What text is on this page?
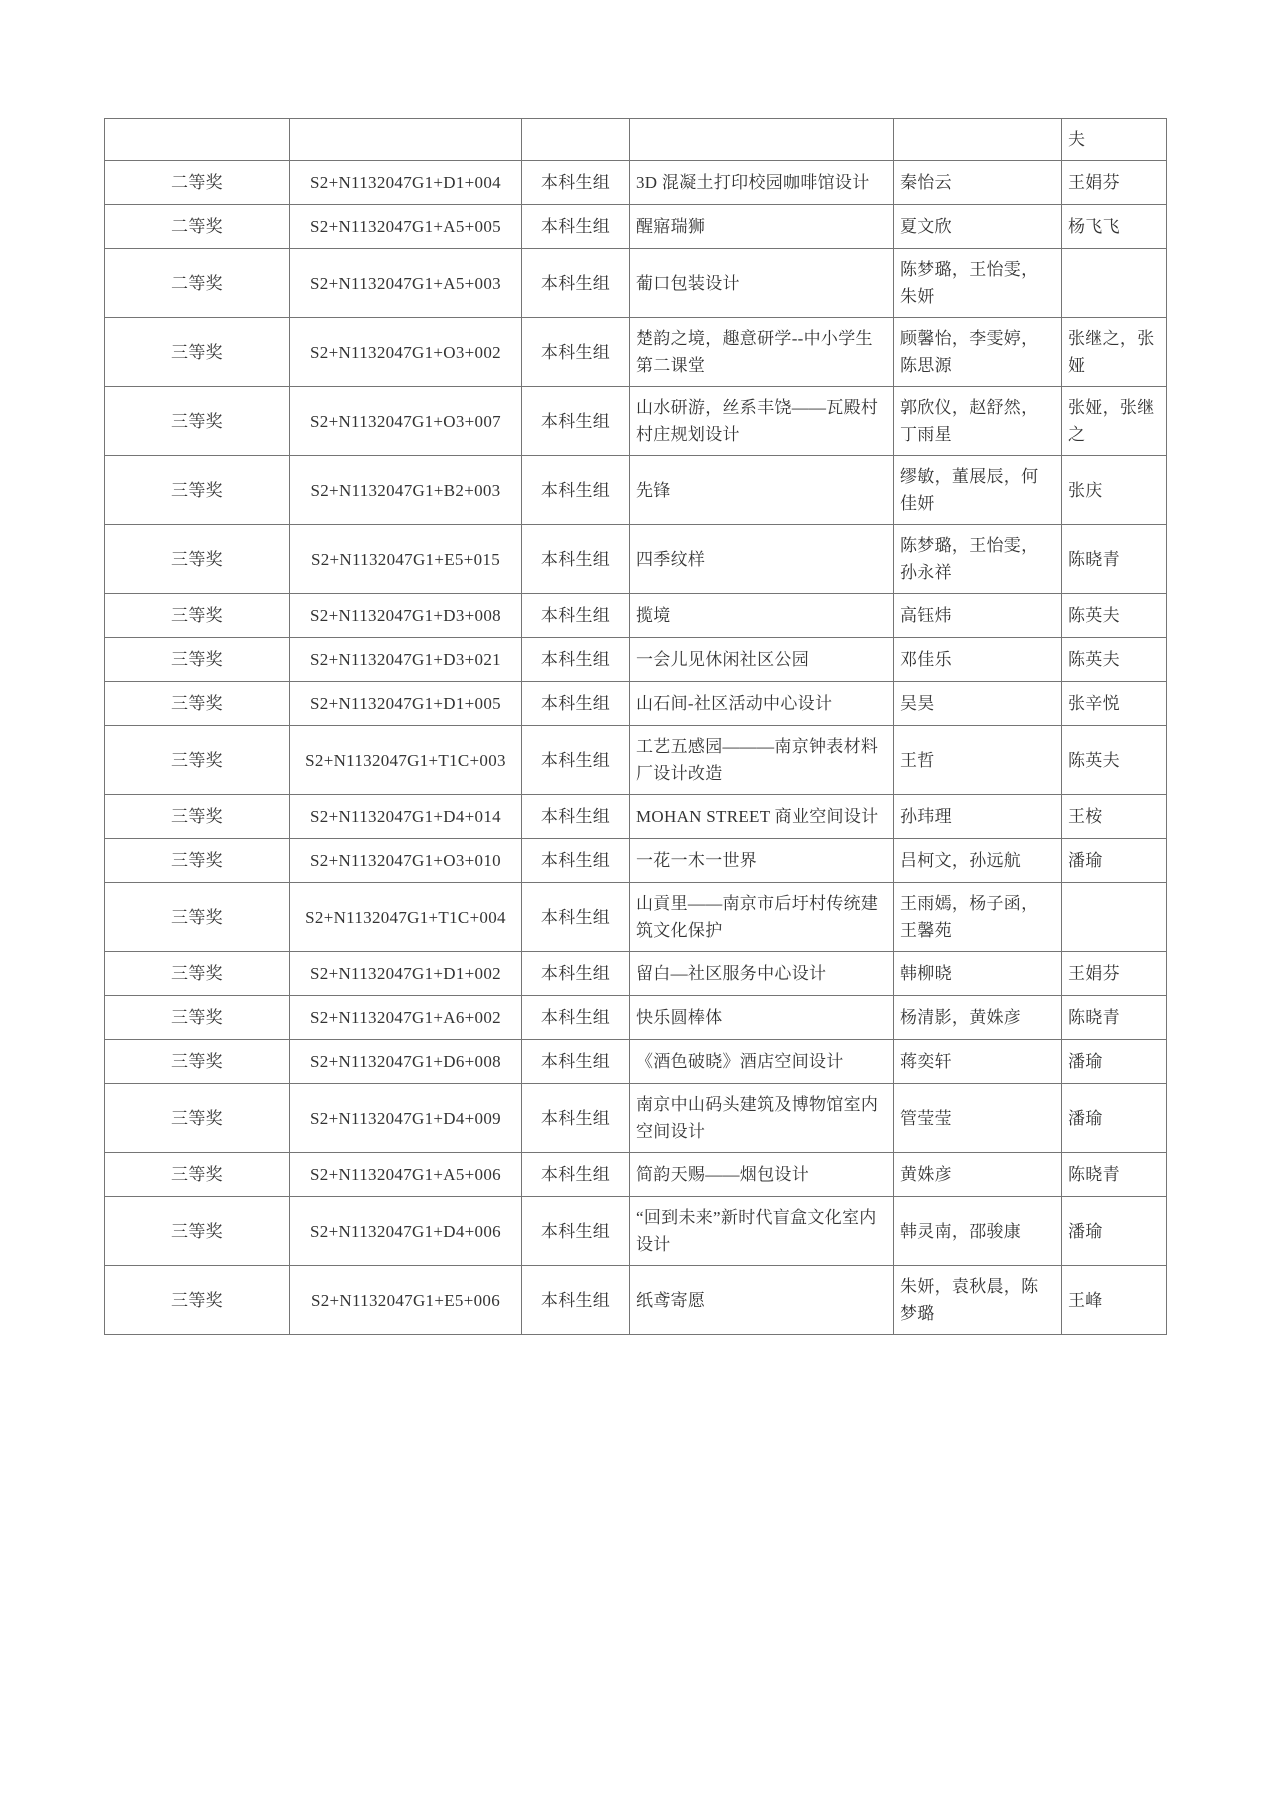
					夫
二等奖	S2+N1132047G1+D1+004	本科生组	3D 混凝土打印校园咖啡馆设计	秦怡云	王娟芬
二等奖	S2+N1132047G1+A5+005	本科生组	醒寤瑞狮	夏文欣	杨飞飞
二等奖	S2+N1132047G1+A5+003	本科生组	葡口包装设计	陈梦璐，王怡雯，朱妍	
三等奖	S2+N1132047G1+O3+002	本科生组	楚韵之境，趣意研学--中小学生第二课堂	顾馨怡，李雯婷，陈思源	张继之，张娅
三等奖	S2+N1132047G1+O3+007	本科生组	山水研游，丝系丰饶——瓦殿村村庄规划设计	郭欣仪，赵舒然，丁雨星	张娅，张继之
三等奖	S2+N1132047G1+B2+003	本科生组	先锋	缪敏，董展辰，何佳妍	张庆
三等奖	S2+N1132047G1+E5+015	本科生组	四季纹样	陈梦璐，王怡雯，孙永祥	陈晓青
三等奖	S2+N1132047G1+D3+008	本科生组	揽境	高钰炜	陈英夫
三等奖	S2+N1132047G1+D3+021	本科生组	一会儿见休闲社区公园	邓佳乐	陈英夫
三等奖	S2+N1132047G1+D1+005	本科生组	山石间-社区活动中心设计	吴昊	张辛悦
三等奖	S2+N1132047G1+T1C+003	本科生组	工艺五感园———南京钟表材料厂设计改造	王哲	陈英夫
三等奖	S2+N1132047G1+D4+014	本科生组	MOHAN STREET 商业空间设计	孙玮理	王桉
三等奖	S2+N1132047G1+O3+010	本科生组	一花一木一世界	吕柯文，孙远航	潘瑜
三等奖	S2+N1132047G1+T1C+004	本科生组	山貢里——南京市后圩村传统建筑文化保护	王雨嫣，杨子函，王馨苑	
三等奖	S2+N1132047G1+D1+002	本科生组	留白—社区服务中心设计	韩柳晓	王娟芬
三等奖	S2+N1132047G1+A6+002	本科生组	快乐圆棒体	杨清影，黄姝彦	陈晓青
三等奖	S2+N1132047G1+D6+008	本科生组	《酒色破晓》酒店空间设计	蒋奕轩	潘瑜
三等奖	S2+N1132047G1+D4+009	本科生组	南京中山码头建筑及博物馆室内空间设计	管莹莹	潘瑜
三等奖	S2+N1132047G1+A5+006	本科生组	简韵天赐——烟包设计	黄姝彦	陈晓青
三等奖	S2+N1132047G1+D4+006	本科生组	“回到未来”新时代盲盒文化室内设计	韩灵南，邵骏康	潘瑜
三等奖	S2+N1132047G1+E5+006	本科生组	纸鸢寄愿	朱妍，袁秋晨，陈梦璐	王峰
